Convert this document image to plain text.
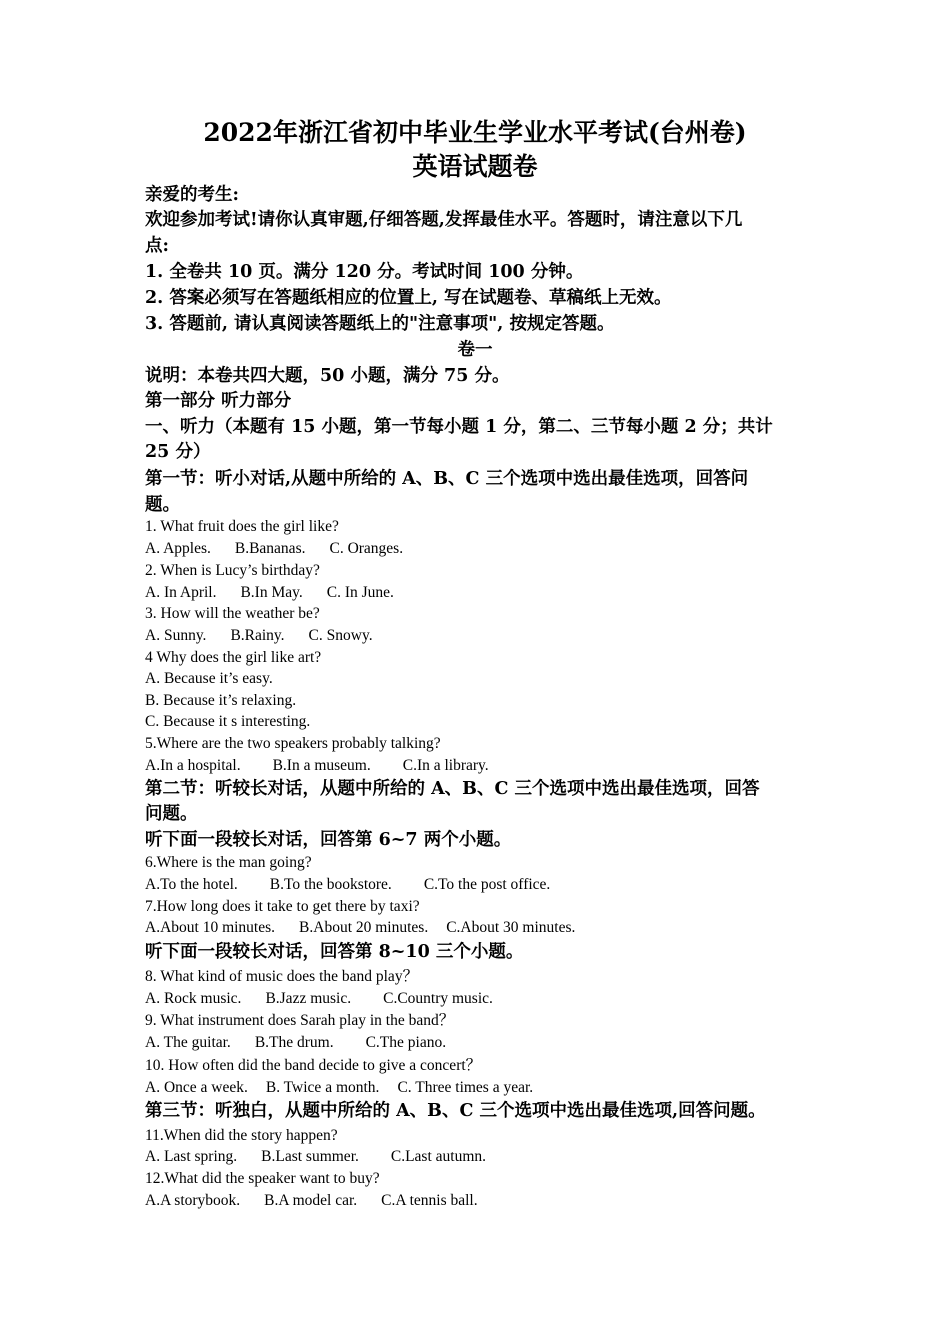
2022年浙江省初中毕业生学业水平考试(台州卷)
英语试题卷
亲爱的考生:
欢迎参加考试!请你认真审题,仔细答题,发挥最佳水平。答题时，请注意以下几
点:
1. 全卷共 10 页。满分 120 分。考试时间 100 分钟。
2. 答案必须写在答题纸相应的位置上, 写在试题卷、草稿纸上无效。
3. 答题前, 请认真阅读答题纸上的"注意事项", 按规定答题。
卷一
说明：本卷共四大题，50 小题，满分 75 分。
第一部分 听力部分
一、听力（本题有 15 小题，第一节每小题 1 分，第二、三节每小题 2 分；共计
25 分）
第一节：听小对话,从题中所给的 A、B、C 三个选项中选出最佳选项，回答问
题。
1. What fruit does the girl like?
A. Apples. B.Bananas. C. Oranges.
2. When is Lucy’s birthday?
A. In April. B.In May. C. In June.
3. How will the weather be?
A. Sunny. B.Rainy. C. Snowy.
4 Why does the girl like art?
A. Because it’s easy.
B. Because it’s relaxing.
C. Because it s interesting.
5.Where are the two speakers probably talking?
A.In a hospital. B.In a museum. C.In a library.
第二节：听较长对话，从题中所给的 A、B、C 三个选项中选出最佳选项，回答
问题。
听下面一段较长对话，回答第 6~7 两个小题。
6.Where is the man going?
A.To the hotel. B.To the bookstore. C.To the post office.
7.How long does it take to get there by taxi?
A.About 10 minutes. B.About 20 minutes. C.About 30 minutes.
听下面一段较长对话，回答第 8~10 三个小题。
8. What kind of music does the band play？
A. Rock music. B.Jazz music. C.Country music.
9. What instrument does Sarah play in the band？
A. The guitar. B.The drum. C.The piano.
10. How often did the band decide to give a concert？
A. Once a week. B. Twice a month. C. Three times a year.
第三节：听独白，从题中所给的 A、B、C 三个选项中选出最佳选项,回答问题。
11.When did the story happen?
A. Last spring. B.Last summer. C.Last autumn.
12.What did the speaker want to buy?
A.A storybook. B.A model car. C.A tennis ball.
